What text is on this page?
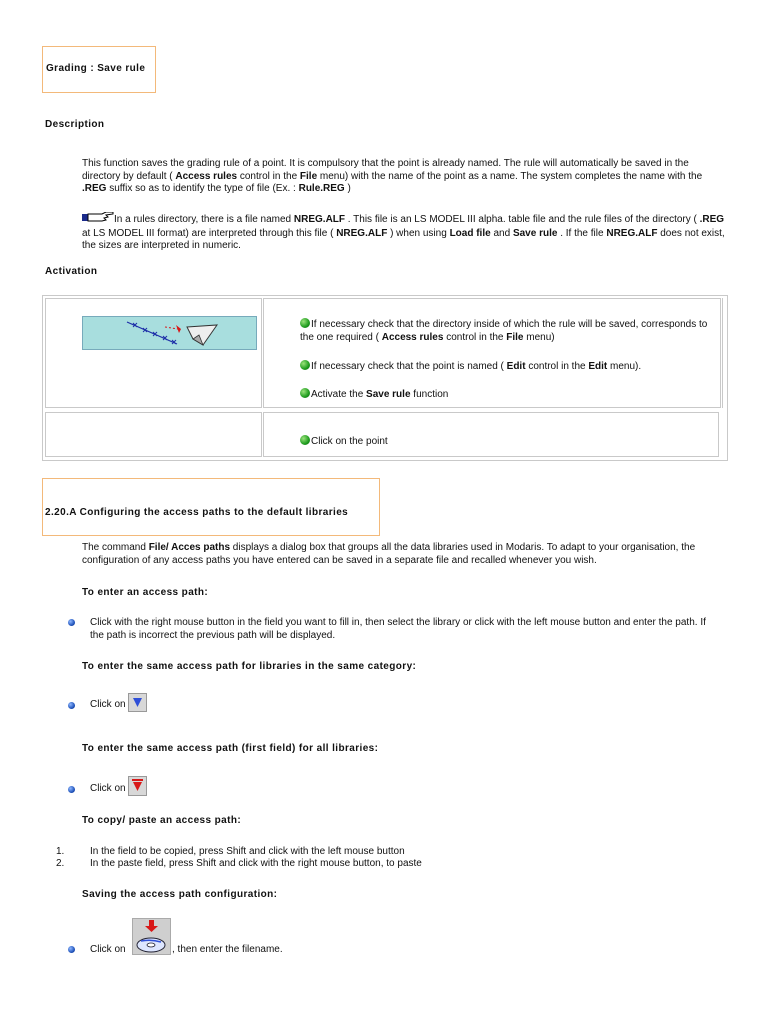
Grading : Save rule
Description
This function saves the grading rule of a point. It is compulsory that the point is already named. The rule will automatically be saved in the directory by default ( Access rules control in the File menu) with the name of the point as a name. The system completes the name with the .REG suffix so as to identify the type of file (Ex. : Rule.REG )
In a rules directory, there is a file named NREG.ALF . This file is an LS MODEL III alpha. table file and the rule files of the directory ( .REG at LS MODEL III format) are interpreted through this file ( NREG.ALF ) when using Load file and Save rule . If the file NREG.ALF does not exist, the sizes are interpreted in numeric.
Activation
If necessary check that the directory inside of which the rule will be saved, corresponds to the one required ( Access rules control in the File menu)
If necessary check that the point is named ( Edit control in the Edit menu).
Activate the Save rule function
Click on the point
2.20.A Configuring the access paths to the default libraries
The command File/ Acces paths displays a dialog box that groups all the data libraries used in Modaris. To adapt to your organisation, the configuration of any access paths you have entered can be saved in a separate file and recalled whenever you wish.
To enter an access path:
Click with the right mouse button in the field you want to fill in, then select the library or click with the left mouse button and enter the path. If the path is incorrect the previous path will be displayed.
To enter the same access path for libraries in the same category:
Click on
To enter the same access path (first field) for all libraries:
Click on
To copy/ paste an access path:
1.	In the field to be copied, press Shift and click with the left mouse button
2.	In the paste field, press Shift and click with the right mouse button, to paste
Saving the access path configuration:
Click on	, then enter the filename.
